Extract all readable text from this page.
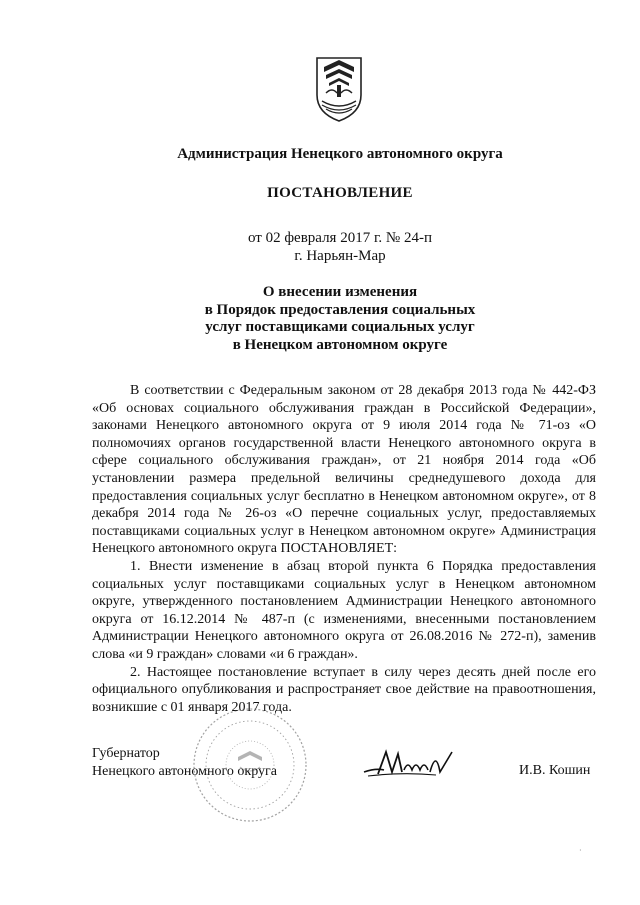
Администрация Ненецкого автономного округа
ПОСТАНОВЛЕНИЕ
от 02 февраля 2017 г. № 24-п
г. Нарьян-Мар
О внесении изменения
в Порядок предоставления социальных
услуг поставщиками социальных услуг
в Ненецком автономном округе

В соответствии с Федеральным законом от 28 декабря 2013 года № 442-ФЗ «Об основах социального обслуживания граждан в Российской Федерации», законами Ненецкого автономного округа от 9 июля 2014 года № 71-оз «О полномочиях органов государственной власти Ненецкого автономного округа в сфере социального обслуживания граждан», от 21 ноября 2014 года «Об установлении размера предельной величины среднедушевого дохода для предоставления социальных услуг бесплатно в Ненецком автономном округе», от 8 декабря 2014 года № 26-оз «О перечне социальных услуг, предоставляемых поставщиками социальных услуг в Ненецком автономном округе» Администрация Ненецкого автономного округа ПОСТАНОВЛЯЕТ:

1. Внести изменение в абзац второй пункта 6 Порядка предоставления социальных услуг поставщиками социальных услуг в Ненецком автономном округе, утвержденного постановлением Администрации Ненецкого автономного округа от 16.12.2014 № 487-п (с изменениями, внесенными постановлением Администрации Ненецкого автономного округа от 26.08.2016 № 272-п), заменив слова «и 9 граждан» словами «и 6 граждан».

2. Настоящее постановление вступает в силу через десять дней после его официального опубликования и распространяет свое действие на правоотношения, возникшие с 01 января 2017 года.

Губернатор
Ненецкого автономного округа	И.В. Кошин
·
